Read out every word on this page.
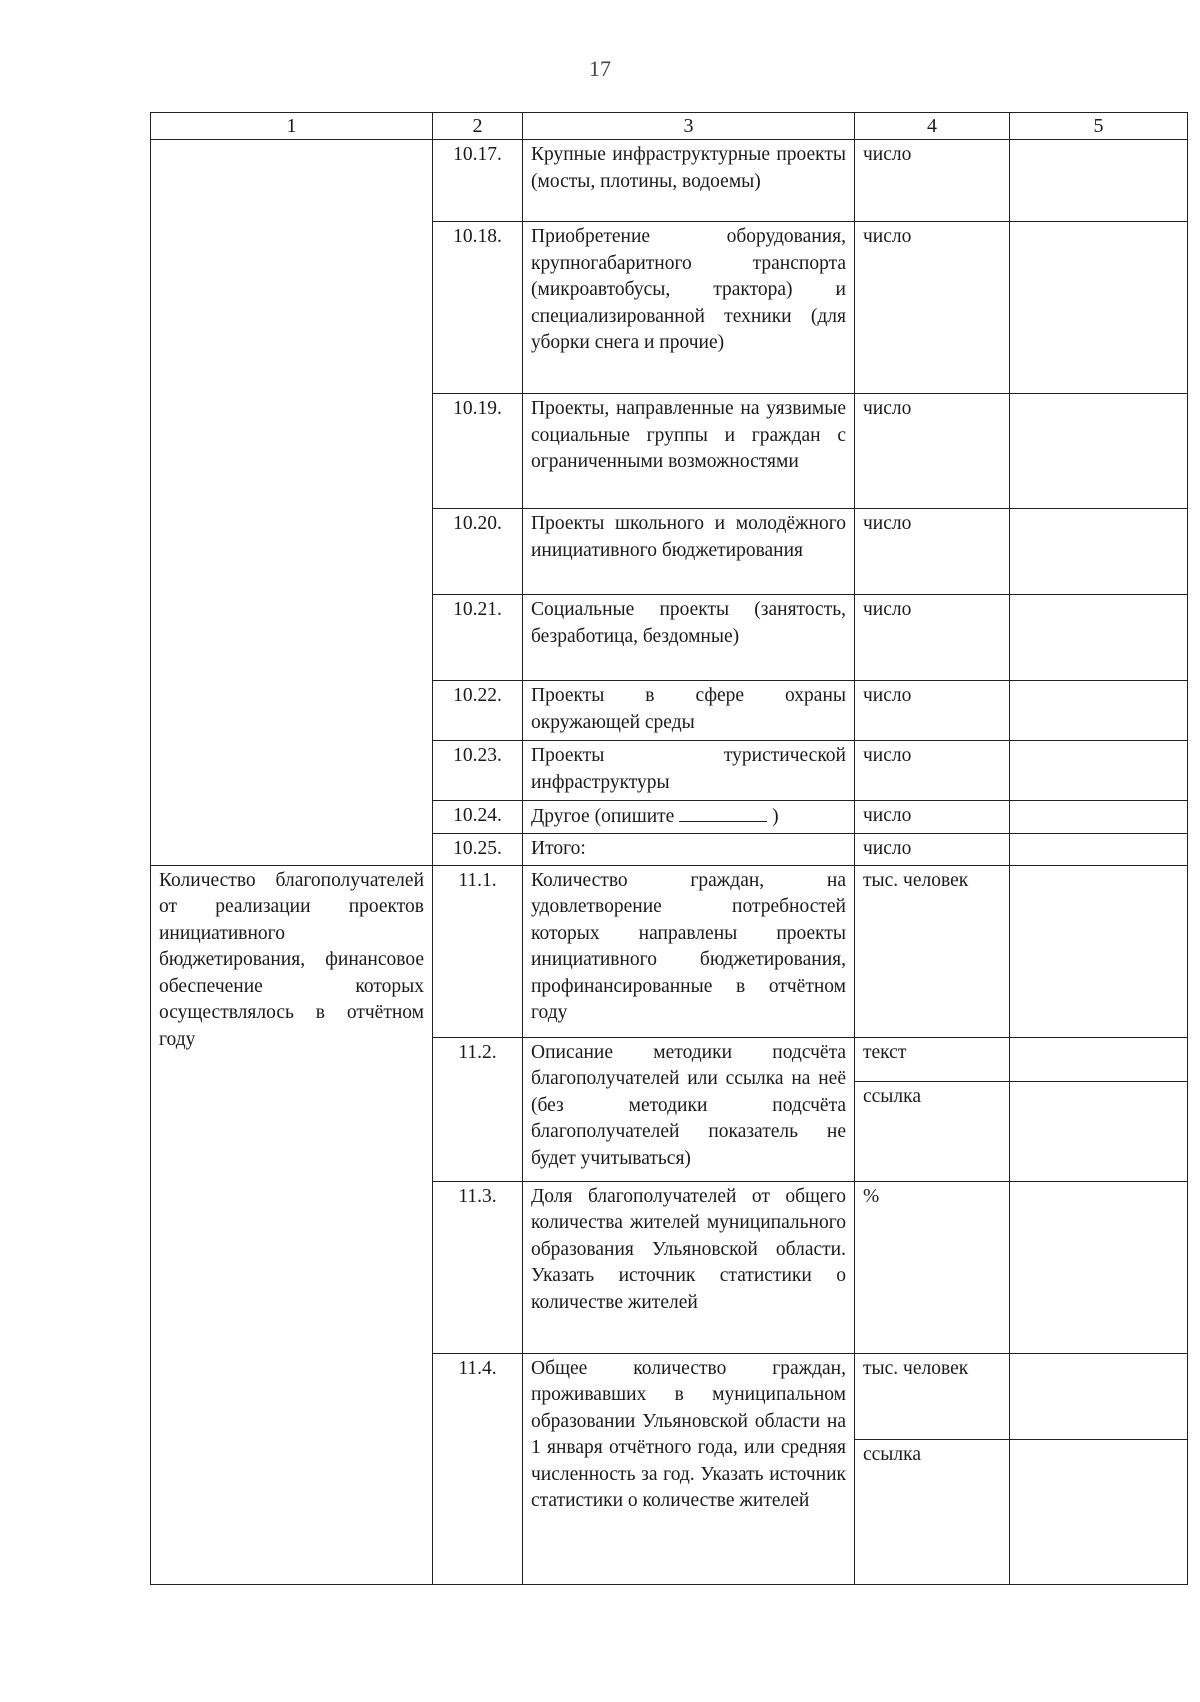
17
1	2	3	4	5
	10.17.	Крупные инфраструктурные проекты (мосты, плотины, водоемы)	число	
	10.18.	Приобретение оборудования, крупногабаритного транспорта (микроавтобусы, трактора) и специализированной техники (для уборки снега и прочие)	число	
	10.19.	Проекты, направленные на уязвимые социальные группы и граждан с ограниченными возможностями	число	
	10.20.	Проекты школьного и молодёжного инициативного бюджетирования	число	
	10.21.	Социальные проекты (занятость, безработица, бездомные)	число	
	10.22.	Проекты в сфере охраны окружающей среды	число	
	10.23.	Проекты туристической инфраструктуры	число	
	10.24.	Другое (опишите )	число	
	10.25.	Итого:	число	
Количество благополучателей от реализации проектов инициативного бюджетирования, финансовое обеспечение которых осуществлялось в отчётном году	11.1.	Количество граждан, на удовлетворение потребностей которых направлены проекты инициативного бюджетирования, профинансированные в отчётном году	тыс. человек	
	11.2.	Описание методики подсчёта благополучателей или ссылка на неё (без методики подсчёта благополучателей показатель не будет учитываться)	текст	
			ссылка	
	11.3.	Доля благополучателей от общего количества жителей муниципального образования Ульяновской области. Указать источник статистики о количестве жителей	%	
	11.4.	Общее количество граждан, проживавших в муниципальном образовании Ульяновской области на 1 января отчётного года, или средняя численность за год. Указать источник статистики о количестве жителей	тыс. человек	
			ссылка	
